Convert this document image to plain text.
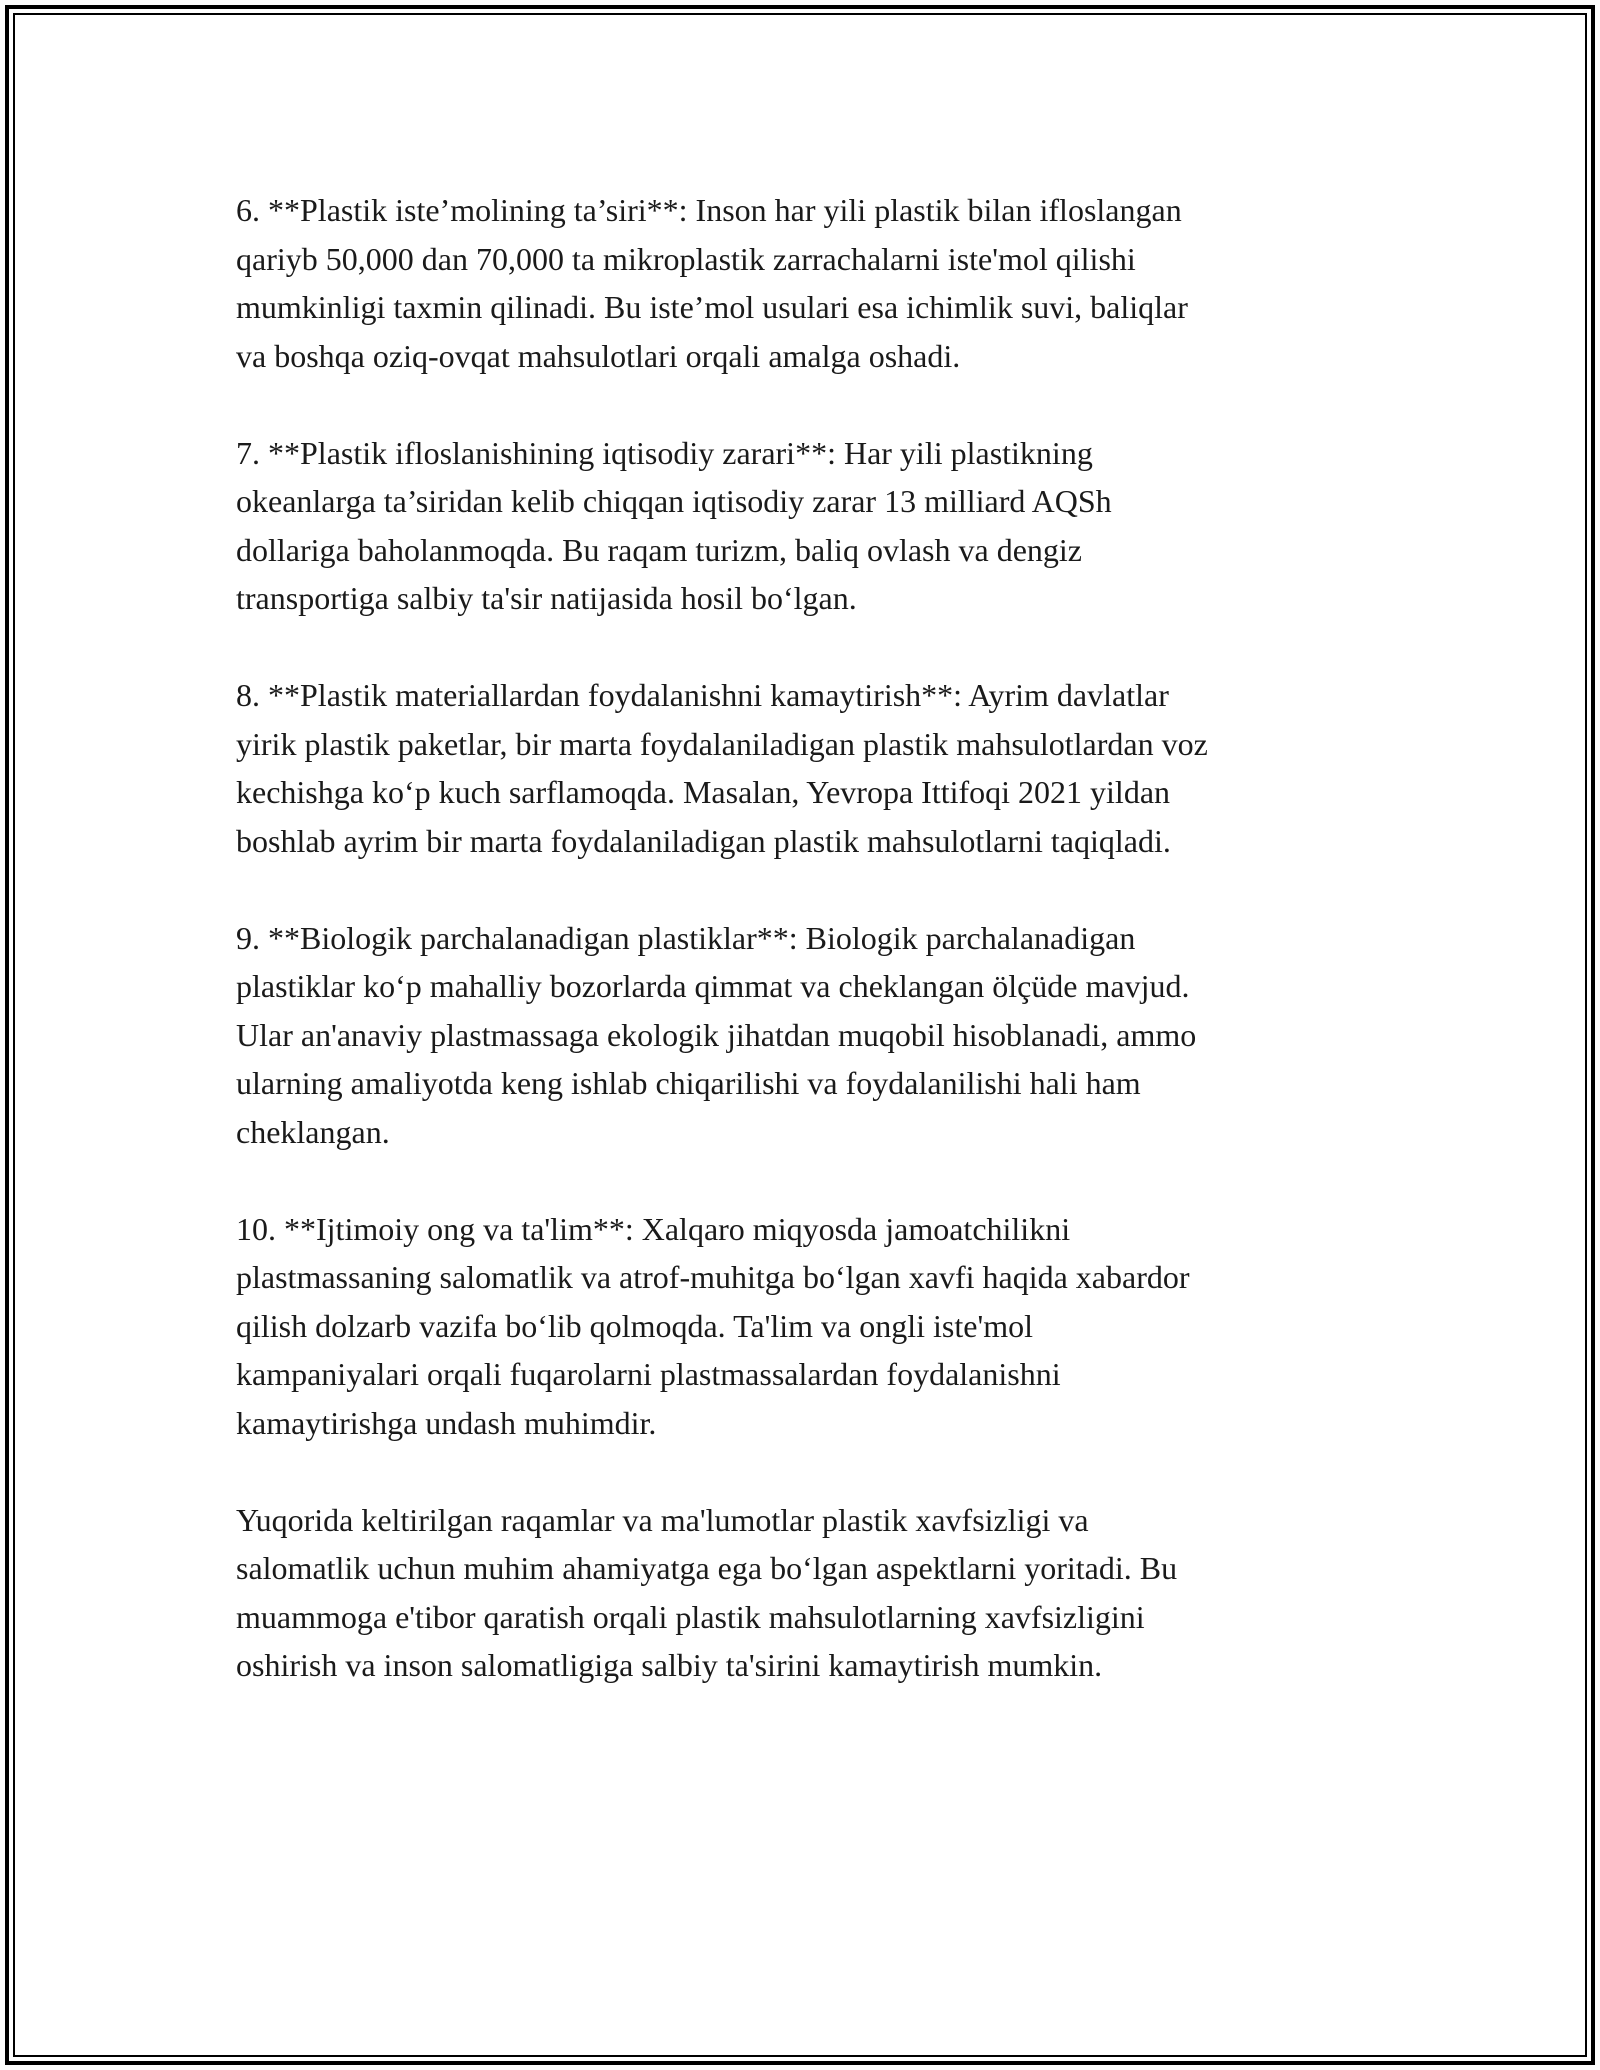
6. **Plastik iste’molining ta’siri**: Inson har yili plastik bilan ifloslangan
qariyb 50,000 dan 70,000 ta mikroplastik zarrachalarni iste'mol qilishi
mumkinligi taxmin qilinadi. Bu iste’mol usulari esa ichimlik suvi, baliqlar
va boshqa oziq-ovqat mahsulotlari orqali amalga oshadi.

7. **Plastik ifloslanishining iqtisodiy zarari**: Har yili plastikning
okeanlarga ta’siridan kelib chiqqan iqtisodiy zarar 13 milliard AQSh
dollariga baholanmoqda. Bu raqam turizm, baliq ovlash va dengiz
transportiga salbiy ta'sir natijasida hosil bo‘lgan.

8. **Plastik materiallardan foydalanishni kamaytirish**: Ayrim davlatlar
yirik plastik paketlar, bir marta foydalaniladigan plastik mahsulotlardan voz
kechishga ko‘p kuch sarflamoqda. Masalan, Yevropa Ittifoqi 2021 yildan
boshlab ayrim bir marta foydalaniladigan plastik mahsulotlarni taqiqladi.

9. **Biologik parchalanadigan plastiklar**: Biologik parchalanadigan
plastiklar ko‘p mahalliy bozorlarda qimmat va cheklangan ölçüde mavjud.
Ular an'anaviy plastmassaga ekologik jihatdan muqobil hisoblanadi, ammo
ularning amaliyotda keng ishlab chiqarilishi va foydalanilishi hali ham
cheklangan.

10. **Ijtimoiy ong va ta'lim**: Xalqaro miqyosda jamoatchilikni
plastmassaning salomatlik va atrof-muhitga bo‘lgan xavfi haqida xabardor
qilish dolzarb vazifa bo‘lib qolmoqda. Ta'lim va ongli iste'mol
kampaniyalari orqali fuqarolarni plastmassalardan foydalanishni
kamaytirishga undash muhimdir.

Yuqorida keltirilgan raqamlar va ma'lumotlar plastik xavfsizligi va
salomatlik uchun muhim ahamiyatga ega bo‘lgan aspektlarni yoritadi. Bu
muammoga e'tibor qaratish orqali plastik mahsulotlarning xavfsizligini
oshirish va inson salomatligiga salbiy ta'sirini kamaytirish mumkin.
